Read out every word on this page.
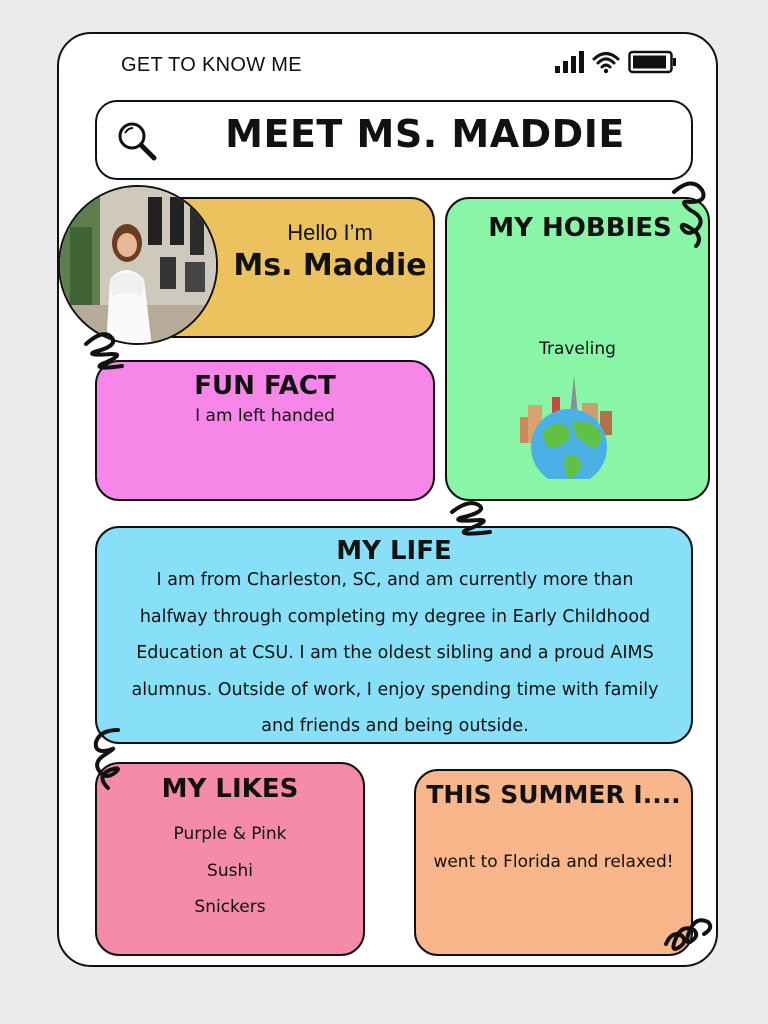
GET TO KNOW ME
MEET MS. MADDIE
Hello I’m
Ms. Maddie
MY HOBBIES
Traveling
FUN FACT
I am left handed
MY LIFE
I am from Charleston, SC, and am currently more than
halfway through completing my degree in Early Childhood
Education at CSU. I am the oldest sibling and a proud AIMS
alumnus. Outside of work, I enjoy spending time with family
and friends and being outside.
MY LIKES
Purple & Pink
Sushi
Snickers
THIS SUMMER I....
went to Florida and relaxed!
